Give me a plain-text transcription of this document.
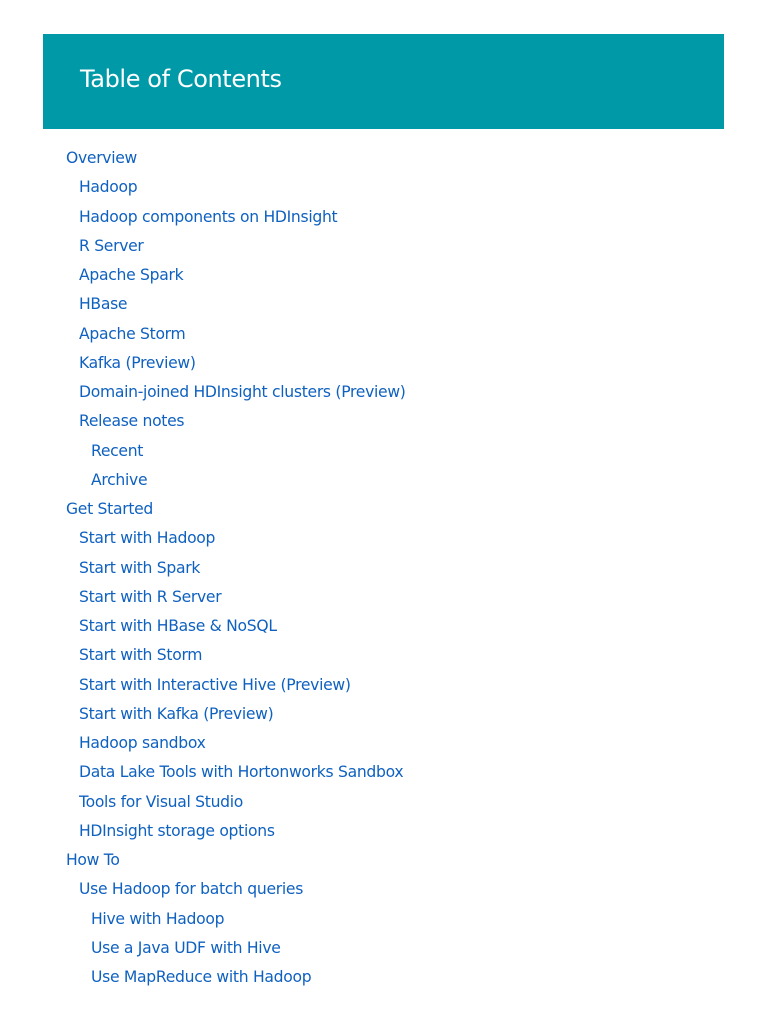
Table of Contents
Overview
Hadoop
Hadoop components on HDInsight
R Server
Apache Spark
HBase
Apache Storm
Kafka (Preview)
Domain-joined HDInsight clusters (Preview)
Release notes
Recent
Archive
Get Started
Start with Hadoop
Start with Spark
Start with R Server
Start with HBase & NoSQL
Start with Storm
Start with Interactive Hive (Preview)
Start with Kafka (Preview)
Hadoop sandbox
Data Lake Tools with Hortonworks Sandbox
Tools for Visual Studio
HDInsight storage options
How To
Use Hadoop for batch queries
Hive with Hadoop
Use a Java UDF with Hive
Use MapReduce with Hadoop
